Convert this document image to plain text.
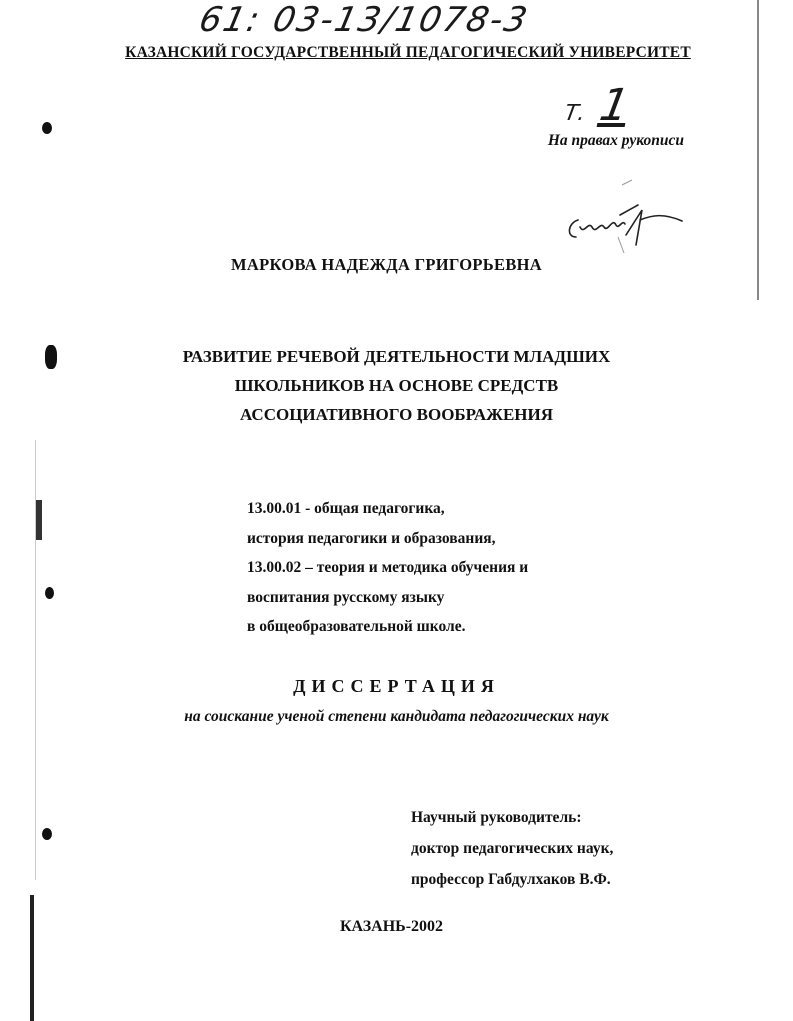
61: 03-13/1078-3
КАЗАНСКИЙ ГОСУДАРСТВЕННЫЙ ПЕДАГОГИЧЕСКИЙ УНИВЕРСИТЕТ
Т. 1
На правах рукописи
МАРКОВА НАДЕЖДА ГРИГОРЬЕВНА
РАЗВИТИЕ РЕЧЕВОЙ ДЕЯТЕЛЬНОСТИ МЛАДШИХ
ШКОЛЬНИКОВ НА ОСНОВЕ СРЕДСТВ
АССОЦИАТИВНОГО ВООБРАЖЕНИЯ
13.00.01 - общая педагогика,
история педагогики и образования,
13.00.02 – теория и методика обучения и
воспитания русскому языку
в общеобразовательной школе.
ДИССЕРТАЦИЯ
на соискание ученой степени кандидата педагогических наук
Научный руководитель:
доктор педагогических наук,
профессор Габдулхаков В.Ф.
КАЗАНЬ-2002
